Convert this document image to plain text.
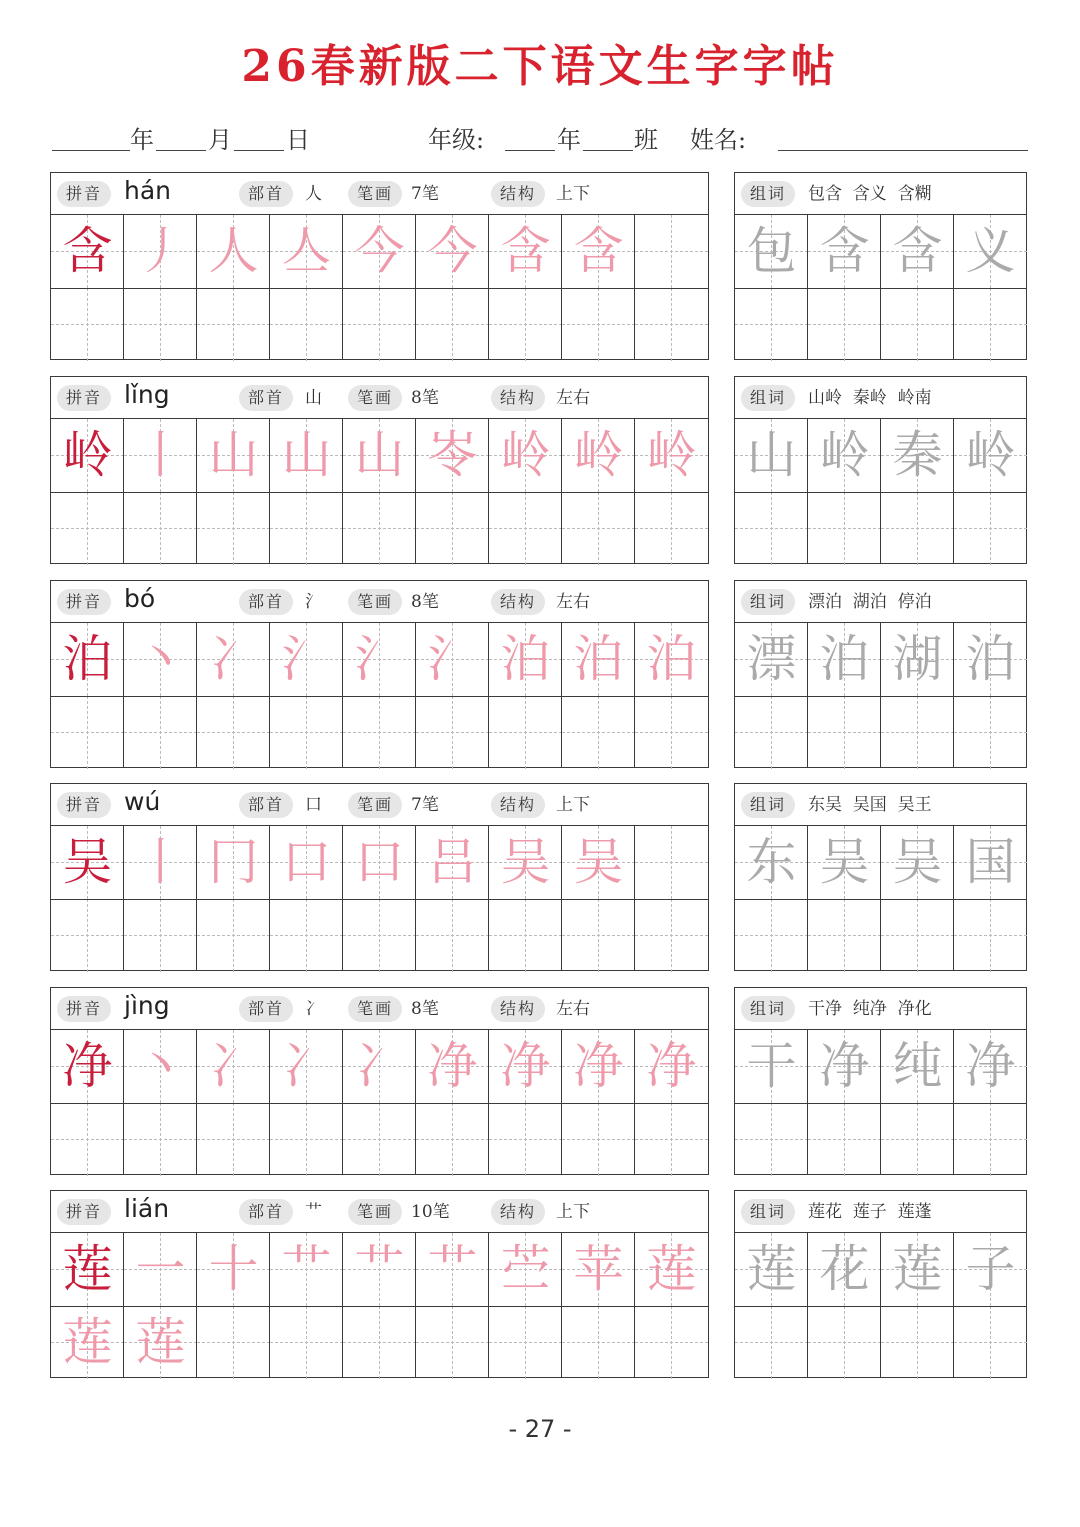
26春新版二下语文生字字帖
年 月 日	年级:	年 班 姓名:
拼音 hán	部首	人	笔画	7笔	结构	上下
含 丿 人 亼 今 今 含 含
组词	包含  含义  含糊
包 含 含 义
拼音 lǐng	部首	山	笔画	8笔	结构	左右
岭 丨 山 山 山 岺 岭 岭 岭
组词	山岭  秦岭  岭南
山 岭 秦 岭
拼音 bó	部首	氵	笔画	8笔	结构	左右
泊 丶 冫 氵 氵 氵 泊 泊 泊
组词	漂泊  湖泊  停泊
漂 泊 湖 泊
拼音 wú	部首	口	笔画	7笔	结构	上下
吴 丨 冂 口 口 吕 吴 吴
组词	东吴  吴国  吴王
东 吴 吴 国
拼音 jìng	部首	冫	笔画	8笔	结构	左右
净 丶 冫 冫 冫 净 净 净 净
组词	干净  纯净  净化
干 净 纯 净
拼音 lián	部首	艹	笔画	10笔	结构	上下
莲 一 十 艹 艹 艹 苎 苹 莲
莲 莲
组词	莲花  莲子  莲蓬
莲 花 莲 子
- 27 -
